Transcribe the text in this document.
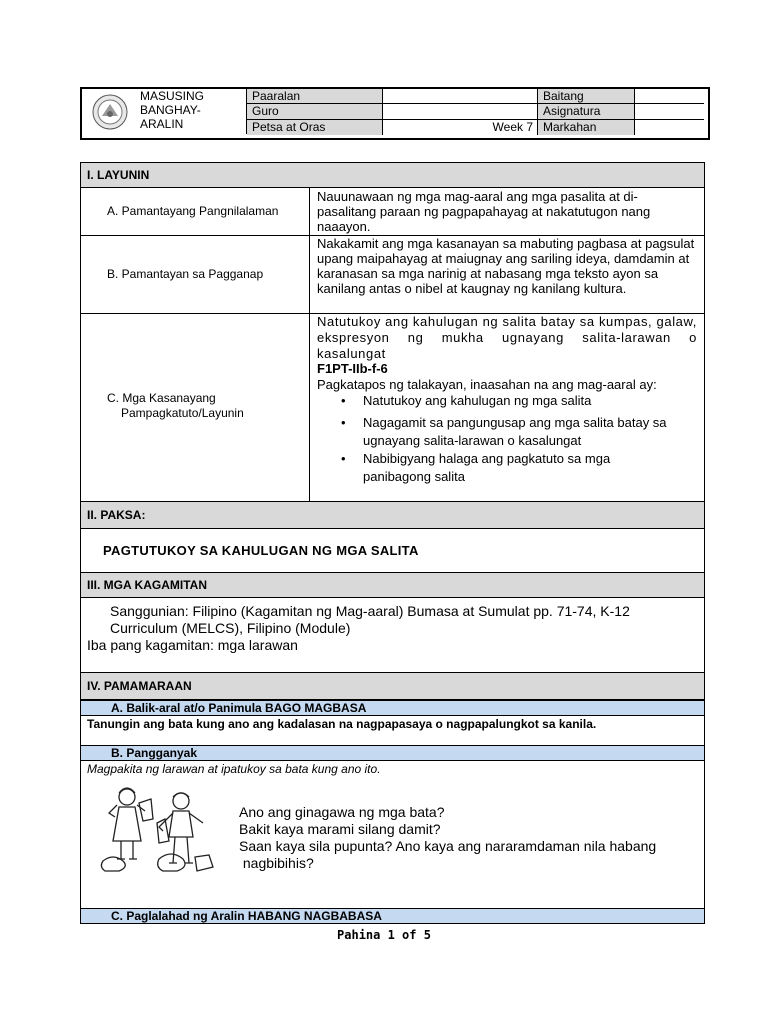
MASUSING
BANGHAY-
ARALIN
Paaralan
Guro
Petsa at Oras	Week 7
Baitang
Asignatura
Markahan
I. LAYUNIN
A. Pamantayang Pangnilalaman
Nauunawaan ng mga mag-aaral ang mga pasalita at di-pasalitang paraan ng pagpapahayag at nakatutugon nang naaayon.
B. Pamantayan sa Pagganap
Nakakamit ang mga kasanayan sa mabuting pagbasa at pagsulat upang maipahayag at maiugnay ang sariling ideya, damdamin at karanasan sa mga narinig at nabasang mga teksto ayon sa kanilang antas o nibel at kaugnay ng kanilang kultura.
C. Mga Kasanayang
Pampagkatuto/Layunin
Natutukoy ang kahulugan ng salita batay sa kumpas, galaw, ekspresyon ng mukha ugnayang salita-larawan o kasalungat
F1PT-IIb-f-6
Pagkatapos ng talakayan, inaasahan na ang mag-aaral ay:
• Natutukoy ang kahulugan ng mga salita
• Nagagamit sa pangungusap ang mga salita batay sa ugnayang salita-larawan o kasalungat
• Nabibigyang halaga ang pagkatuto sa mga panibagong salita
II. PAKSA:
PAGTUTUKOY SA KAHULUGAN NG MGA SALITA
III. MGA KAGAMITAN
Sanggunian: Filipino (Kagamitan ng Mag-aaral) Bumasa at Sumulat pp. 71-74, K-12
Curriculum (MELCS), Filipino (Module)
Iba pang kagamitan: mga larawan
IV. PAMAMARAAN
A. Balik-aral at/o Panimula BAGO MAGBASA
Tanungin ang bata kung ano ang kadalasan na nagpapasaya o nagpapalungkot sa kanila.
B. Pangganyak
Magpakita ng larawan at ipatukoy sa bata kung ano ito.
Ano ang ginagawa ng mga bata?
Bakit kaya marami silang damit?
Saan kaya sila pupunta? Ano kaya ang nararamdaman nila habang
nagbibihis?
C. Paglalahad ng Aralin HABANG NAGBABASA
Pahina 1 of 5
